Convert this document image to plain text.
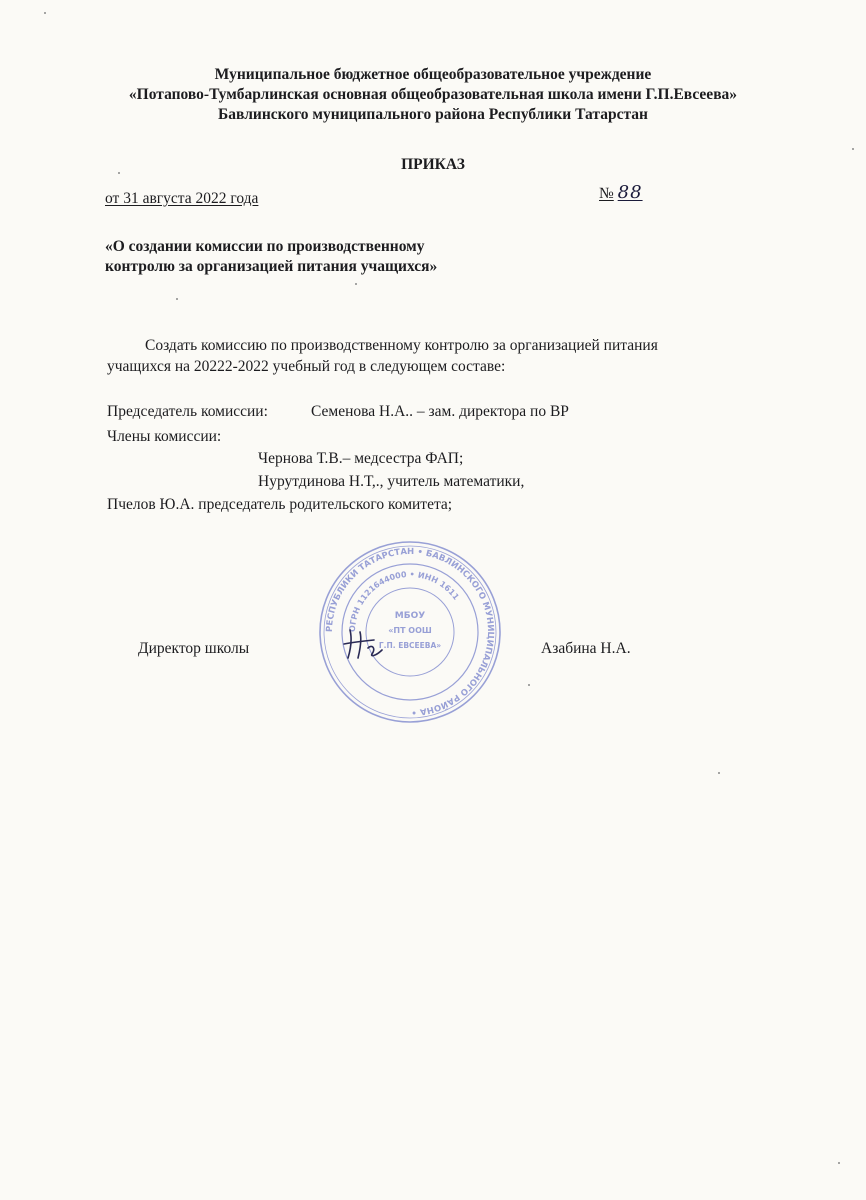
Муниципальное бюджетное общеобразовательное учреждение
«Потапово-Тумбарлинская основная общеобразовательная школа имени Г.П.Евсеева»
Бавлинского муниципального района Республики Татарстан
ПРИКАЗ
от 31 августа 2022 года	№ 88
«О создании комиссии по производственному
контролю за организацией питания учащихся»
Создать комиссию по производственному контролю за организацией питания
учащихся на 20222-2022 учебный год в следующем составе:
Председатель комиссии:	Семенова Н.А.. – зам. директора по ВР
Члены комиссии:
Чернова Т.В.– медсестра ФАП;
Нурутдинова Н.Т,., учитель математики,
Пчелов Ю.А. председатель родительского комитета;
РЕСПУБЛИКИ ТАТАРСТАН • БАВЛИНСКОГО МУНИЦИПАЛЬНОГО РАЙОНА •
ОГРН 1121644000 • ИНН 1611
МБОУ
«ПТ ООШ
Г.П. ЕВСЕЕВА»
Директор школы	Азабина Н.А.
